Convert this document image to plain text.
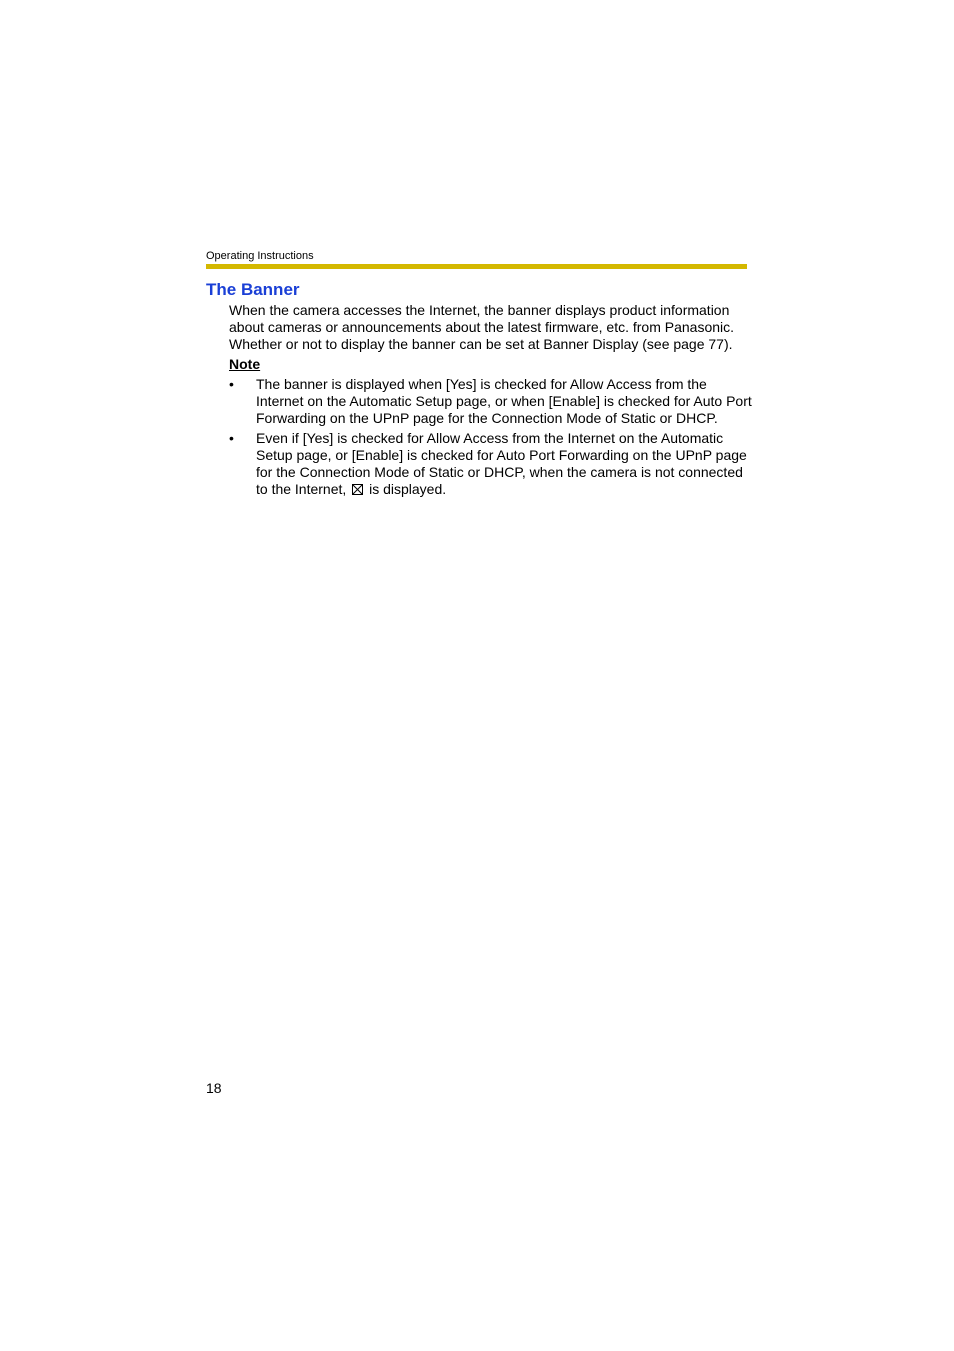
Operating Instructions
The Banner

When the camera accesses the Internet, the banner displays product information about cameras or announcements about the latest firmware, etc. from Panasonic. Whether or not to display the banner can be set at Banner Display (see page 77).

Note
• The banner is displayed when [Yes] is checked for Allow Access from the Internet on the Automatic Setup page, or when [Enable] is checked for Auto Port Forwarding on the UPnP page for the Connection Mode of Static or DHCP.
• Even if [Yes] is checked for Allow Access from the Internet on the Automatic Setup page, or [Enable] is checked for Auto Port Forwarding on the UPnP page for the Connection Mode of Static or DHCP, when the camera is not connected to the Internet, is displayed.
18
